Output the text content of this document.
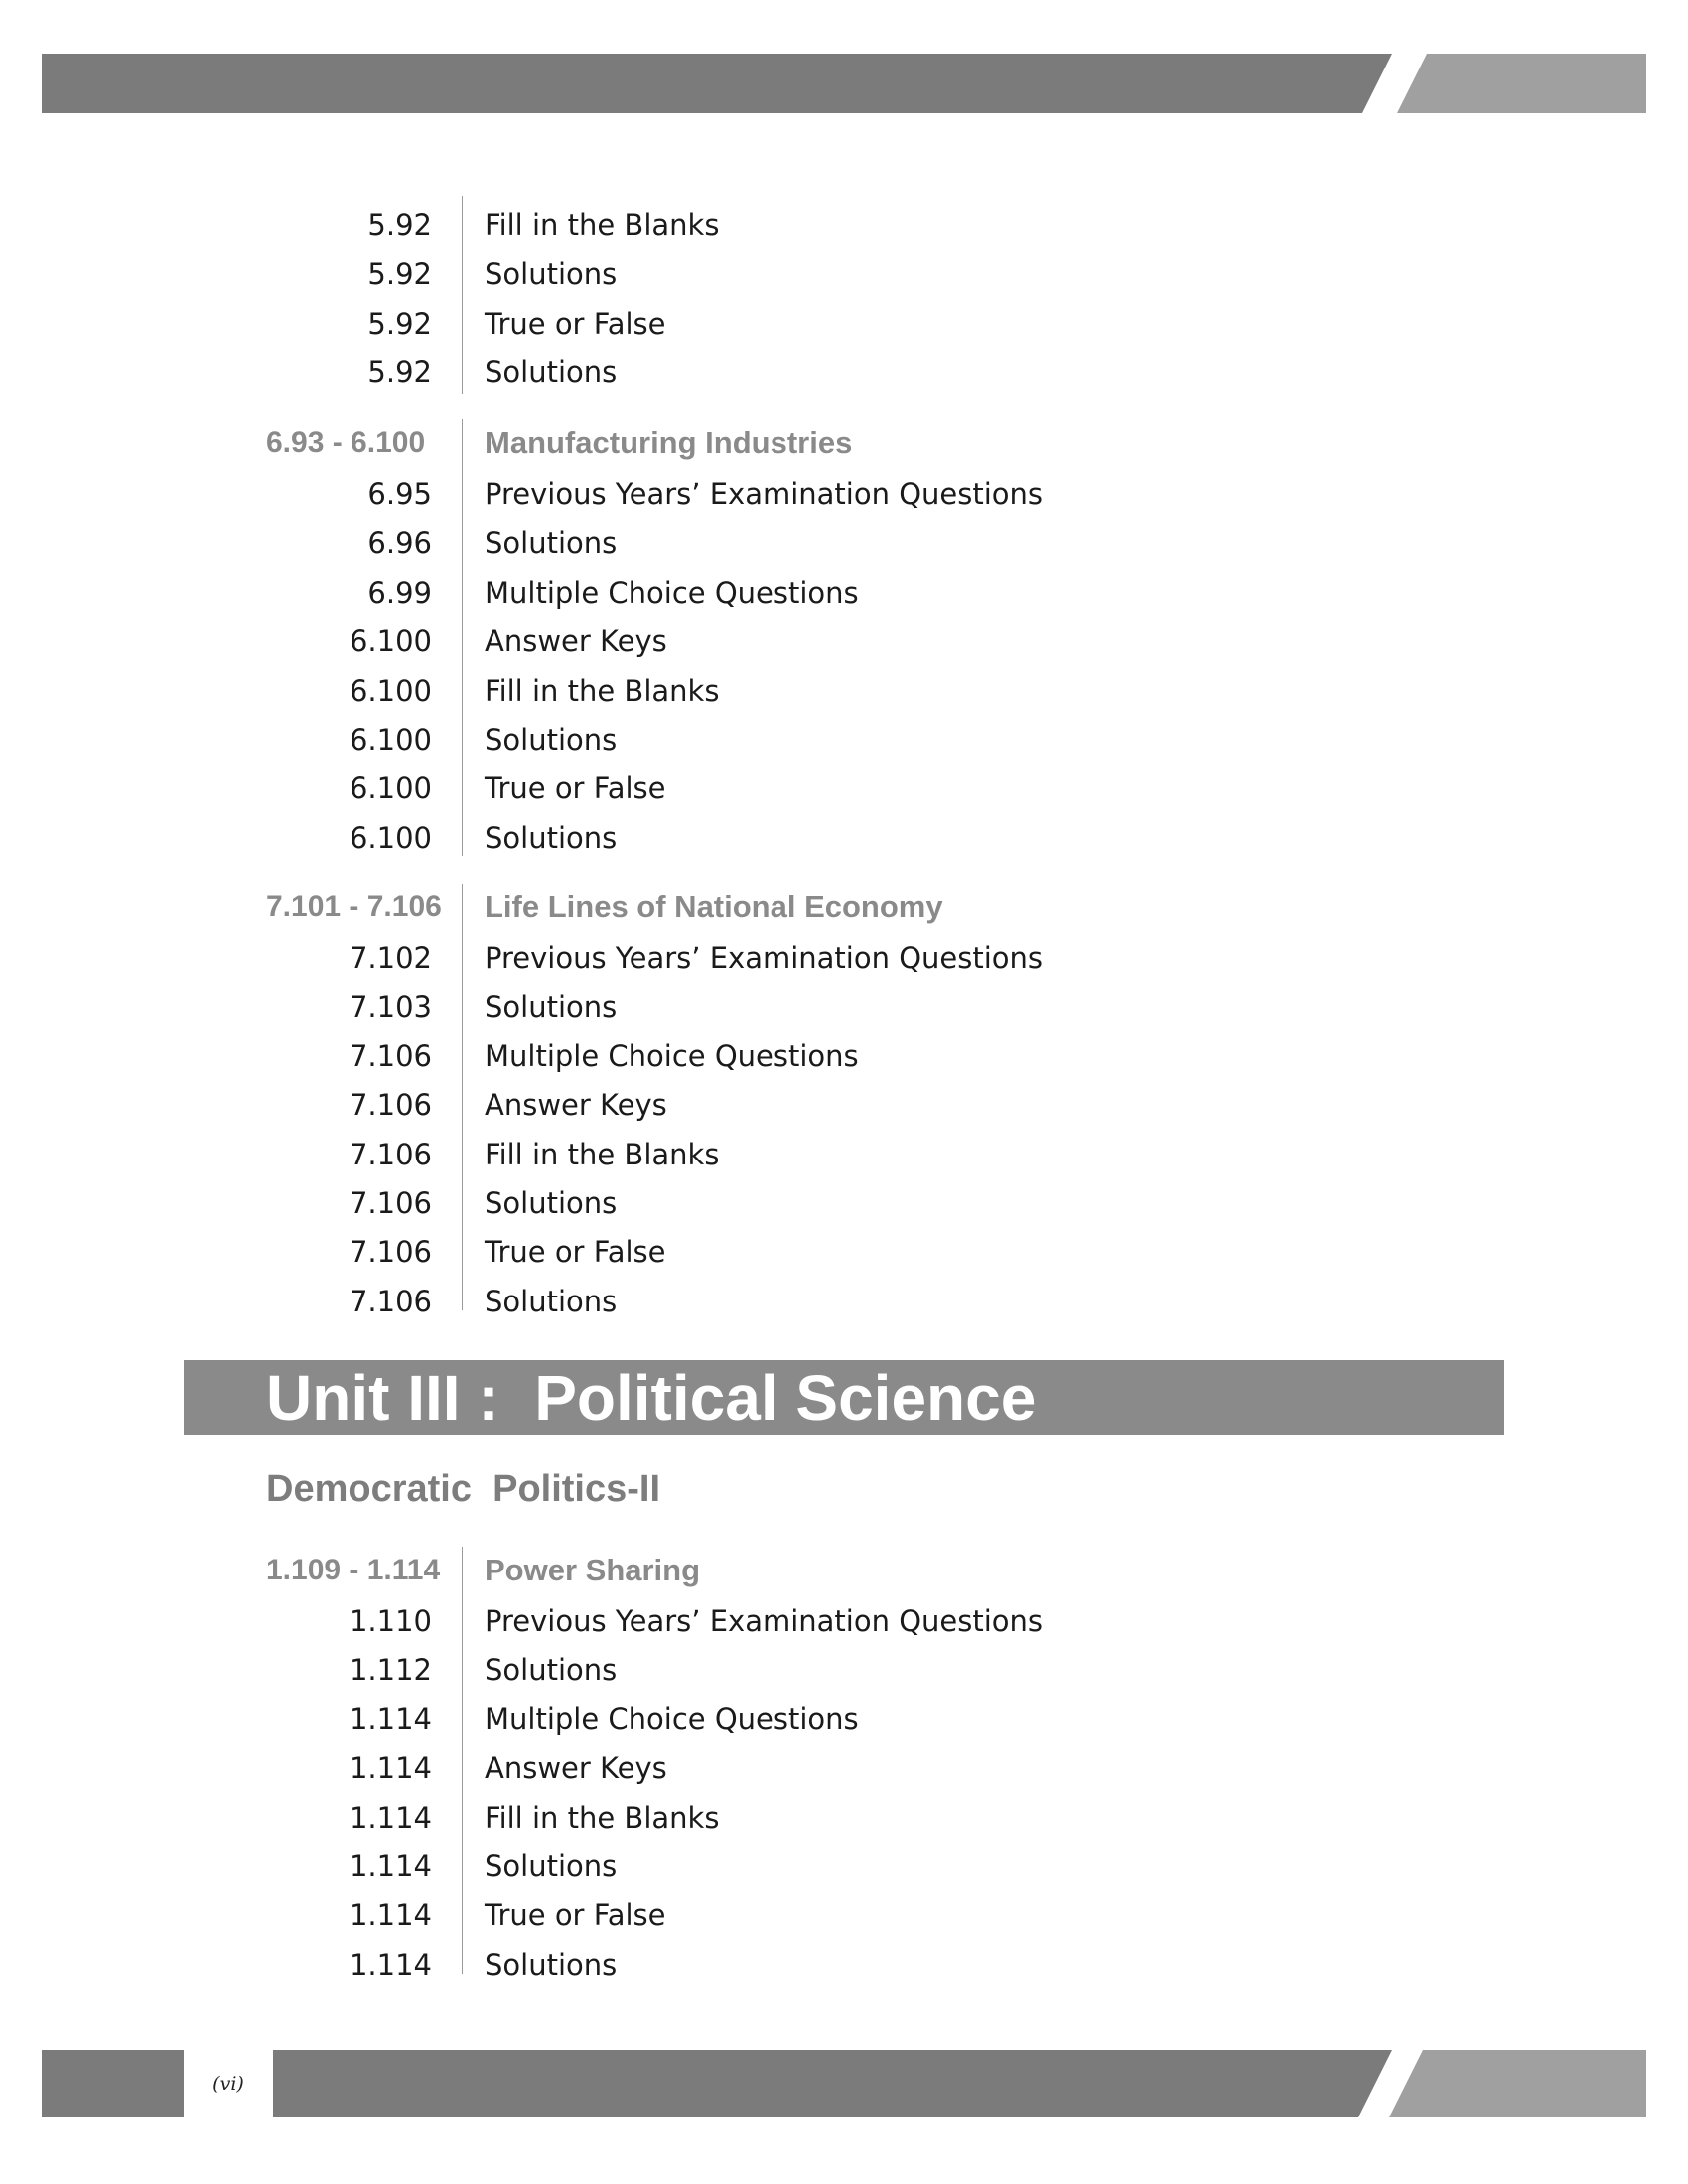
5.92 Fill in the Blanks
5.92 Solutions
5.92 True or False
5.92 Solutions
6.93 - 6.100 Manufacturing Industries
6.95 Previous Years’ Examination Questions
6.96 Solutions
6.99 Multiple Choice Questions
6.100 Answer Keys
6.100 Fill in the Blanks
6.100 Solutions
6.100 True or False
6.100 Solutions
7.101 - 7.106 Life Lines of National Economy
7.102 Previous Years’ Examination Questions
7.103 Solutions
7.106 Multiple Choice Questions
7.106 Answer Keys
7.106 Fill in the Blanks
7.106 Solutions
7.106 True or False
7.106 Solutions
1.109 - 1.114 Power Sharing
1.110 Previous Years’ Examination Questions
1.112 Solutions
1.114 Multiple Choice Questions
1.114 Answer Keys
1.114 Fill in the Blanks
1.114 Solutions
1.114 True or False
1.114 Solutions
Unit III :  Political Science
Democratic  Politics-II
(vi)
